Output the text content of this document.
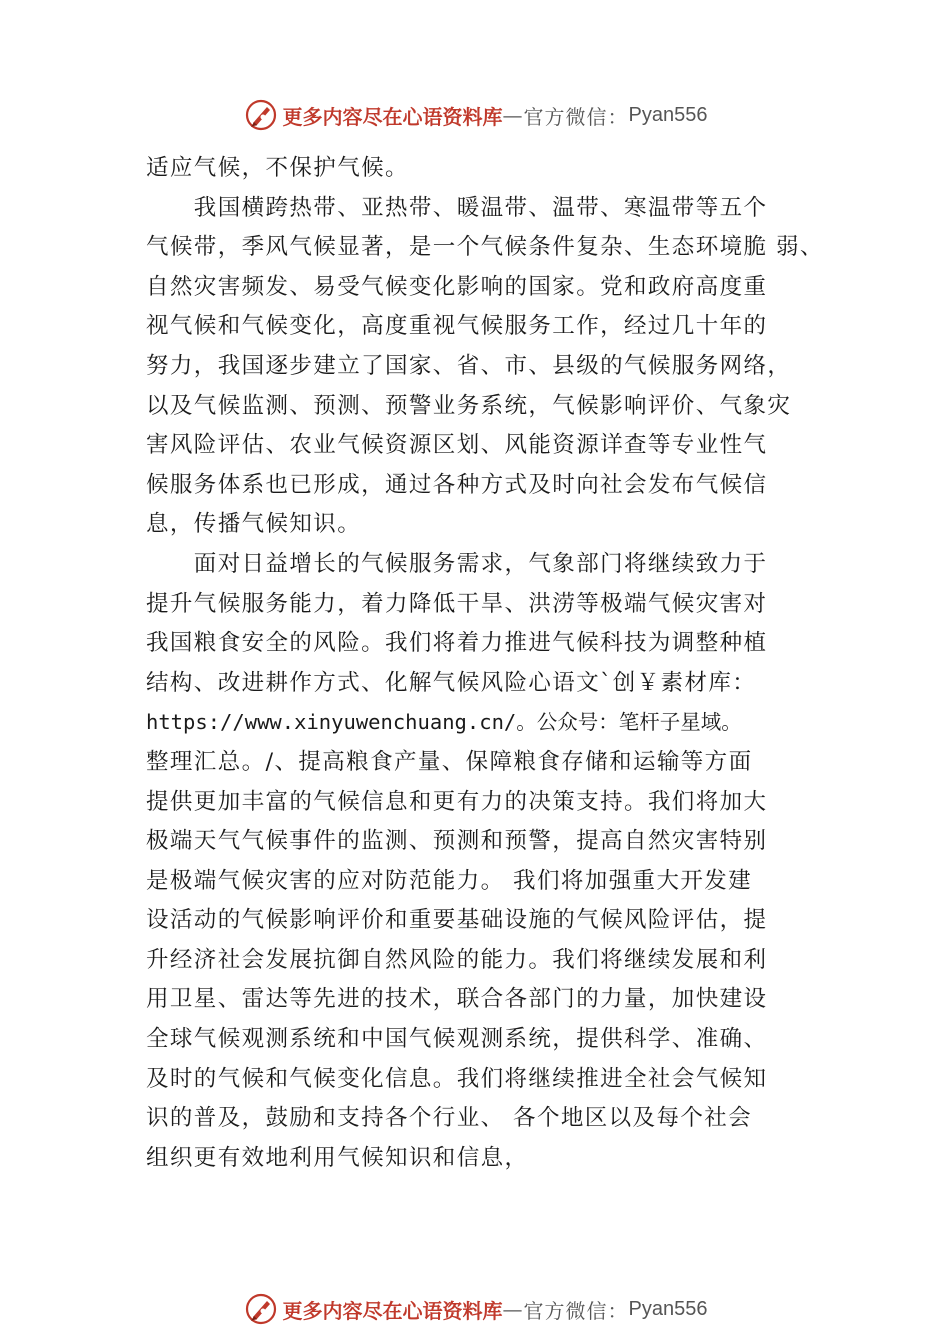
更多内容尽在心语资料库 — 官方微信： Pyan556
适应气候，不保护气候。
　　我国横跨热带、亚热带、暖温带、温带、寒温带等五个
气候带，季风气候显著，是一个气候条件复杂、生态环境脆 弱、
自然灾害频发、易受气候变化影响的国家。党和政府高度重
视气候和气候变化，高度重视气候服务工作，经过几十年的
努力，我国逐步建立了国家、省、市、县级的气候服务网络，
以及气候监测、预测、预警业务系统，气候影响评价、气象灾
害风险评估、农业气候资源区划、风能资源详查等专业性气
候服务体系也已形成，通过各种方式及时向社会发布气候信
息，传播气候知识。
　　面对日益增长的气候服务需求，气象部门将继续致力于
提升气候服务能力，着力降低干旱、洪涝等极端气候灾害对
我国粮食安全的风险。我们将着力推进气候科技为调整种植
结构、改进耕作方式、化解气候风险心语文`创￥素材库：
https://www.xinyuwenchuang.cn/。公众号：笔杆子星域。
整理汇总。/、提高粮食产量、保障粮食存储和运输等方面
提供更加丰富的气候信息和更有力的决策支持。我们将加大
极端天气气候事件的监测、预测和预警，提高自然灾害特别
是极端气候灾害的应对防范能力。 我们将加强重大开发建
设活动的气候影响评价和重要基础设施的气候风险评估，提
升经济社会发展抗御自然风险的能力。我们将继续发展和利
用卫星、雷达等先进的技术，联合各部门的力量，加快建设
全球气候观测系统和中国气候观测系统，提供科学、准确、
及时的气候和气候变化信息。我们将继续推进全社会气候知
识的普及，鼓励和支持各个行业、 各个地区以及每个社会
组织更有效地利用气候知识和信息，
更多内容尽在心语资料库 — 官方微信： Pyan556
